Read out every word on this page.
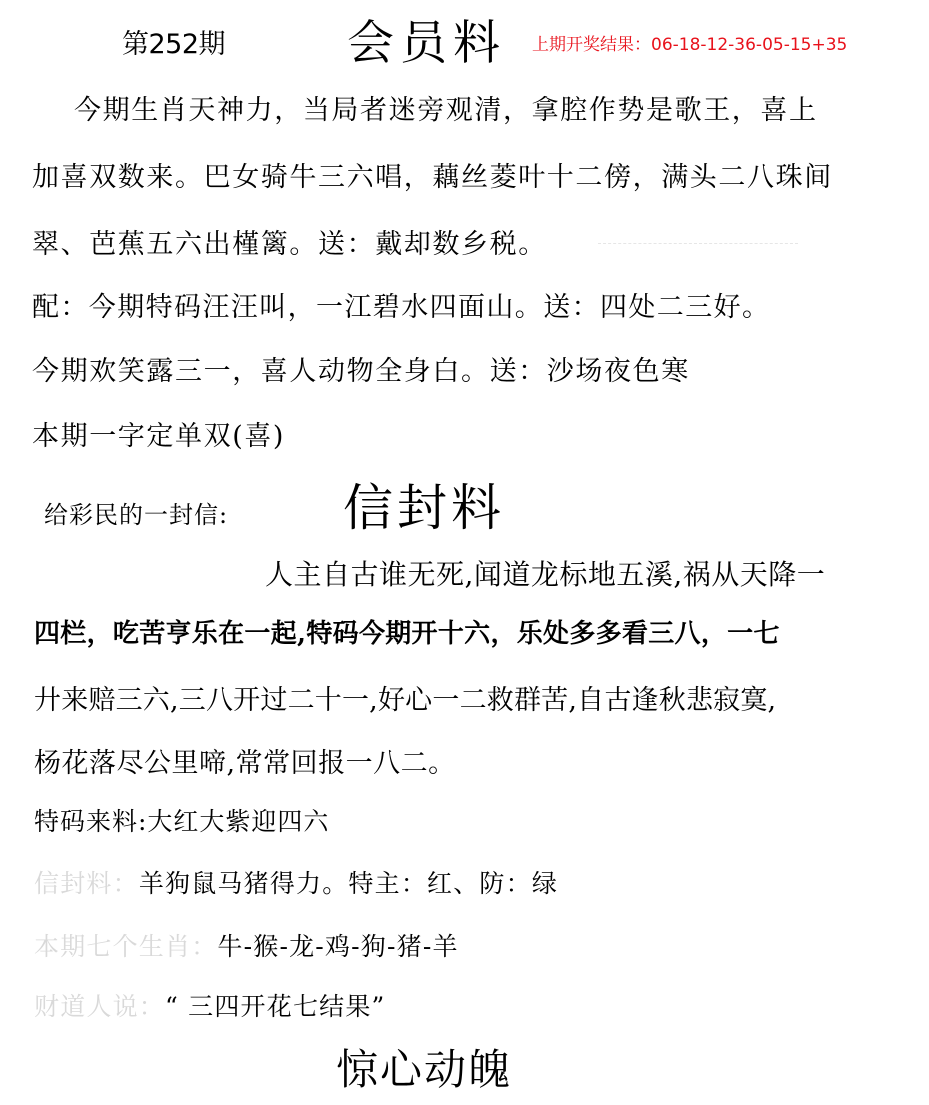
第252期	会员料 上期开奖结果：06-18-12-36-05-15+35
今期生肖天神力，当局者迷旁观清，拿腔作势是歌王，喜上
加喜双数来。巴女骑牛三六唱，藕丝菱叶十二傍，满头二八珠间
翠、芭蕉五六出槿篱。送：戴却数乡税。
配：今期特码汪汪叫，一江碧水四面山。送：四处二三好。
今期欢笑露三一，喜人动物全身白。送：沙场夜色寒
本期一字定单双(喜)
给彩民的一封信: 信封料
人主自古谁无死,闻道龙标地五溪,祸从天降一
四栏，吃苦亨乐在一起,特码今期开十六，乐处多多看三八，一七
廾来赔三六,三八开过二十一,好心一二救群苦,自古逢秋悲寂寞,
杨花落尽公里啼,常常回报一八二。
特码来料:大红大紫迎四六
信封料：羊狗鼠马猪得力。特主：红、防：绿
本期七个生肖：牛-猴-龙-鸡-狗-猪-羊
财道人说：“ 三四开花七结果”
惊心动魄
